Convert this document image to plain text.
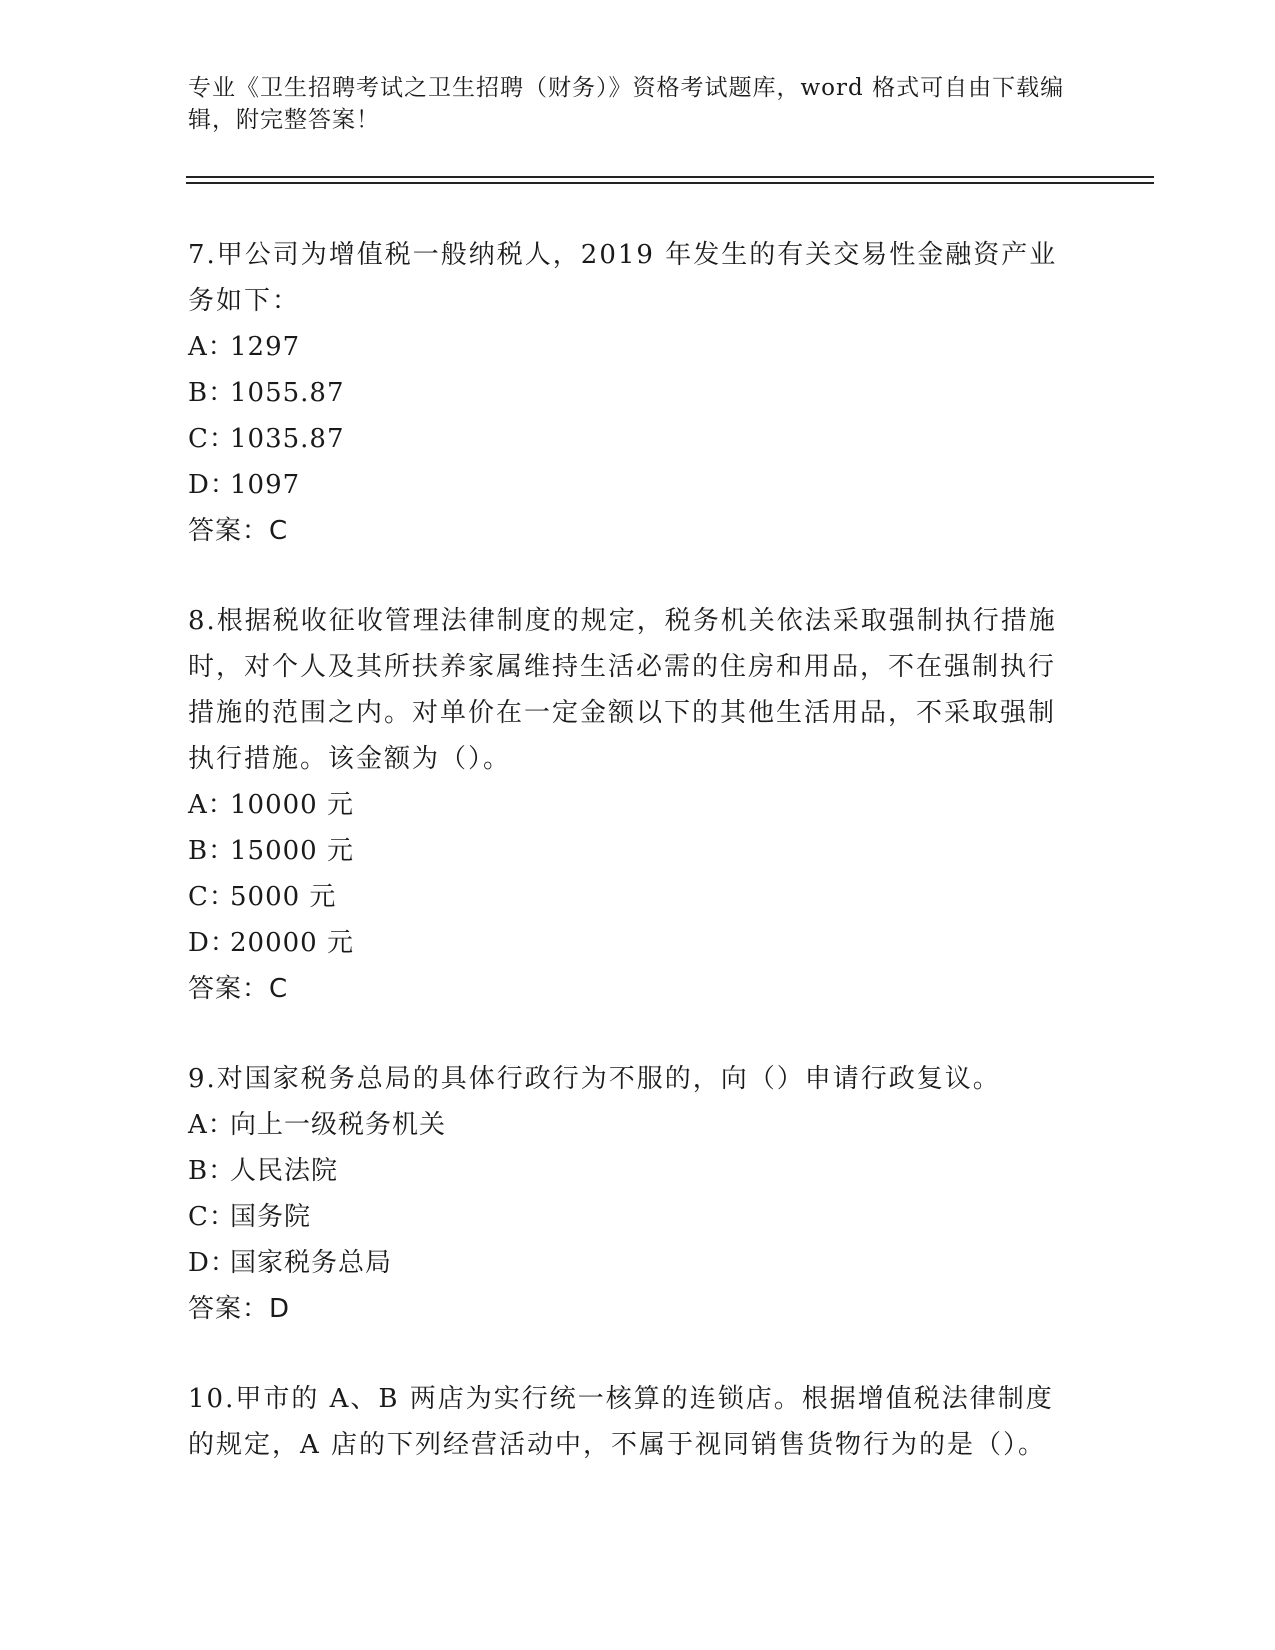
专业《卫生招聘考试之卫生招聘（财务）》资格考试题库，word 格式可自由下载编辑，附完整答案！

7.甲公司为增值税一般纳税人，2019 年发生的有关交易性金融资产业务如下：

A：1297

B：1055.87

C：1035.87

D：1097

答案：C

8.根据税收征收管理法律制度的规定，税务机关依法采取强制执行措施时，对个人及其所扶养家属维持生活必需的住房和用品，不在强制执行措施的范围之内。对单价在一定金额以下的其他生活用品，不采取强制执行措施。该金额为（）。

A：10000 元

B：15000 元

C：5000 元

D：20000 元

答案：C

9.对国家税务总局的具体行政行为不服的，向（）申请行政复议。

A：向上一级税务机关

B：人民法院

C：国务院

D：国家税务总局

答案：D

10.甲市的 A、B 两店为实行统一核算的连锁店。根据增值税法律制度的规定，A 店的下列经营活动中，不属于视同销售货物行为的是（）。
